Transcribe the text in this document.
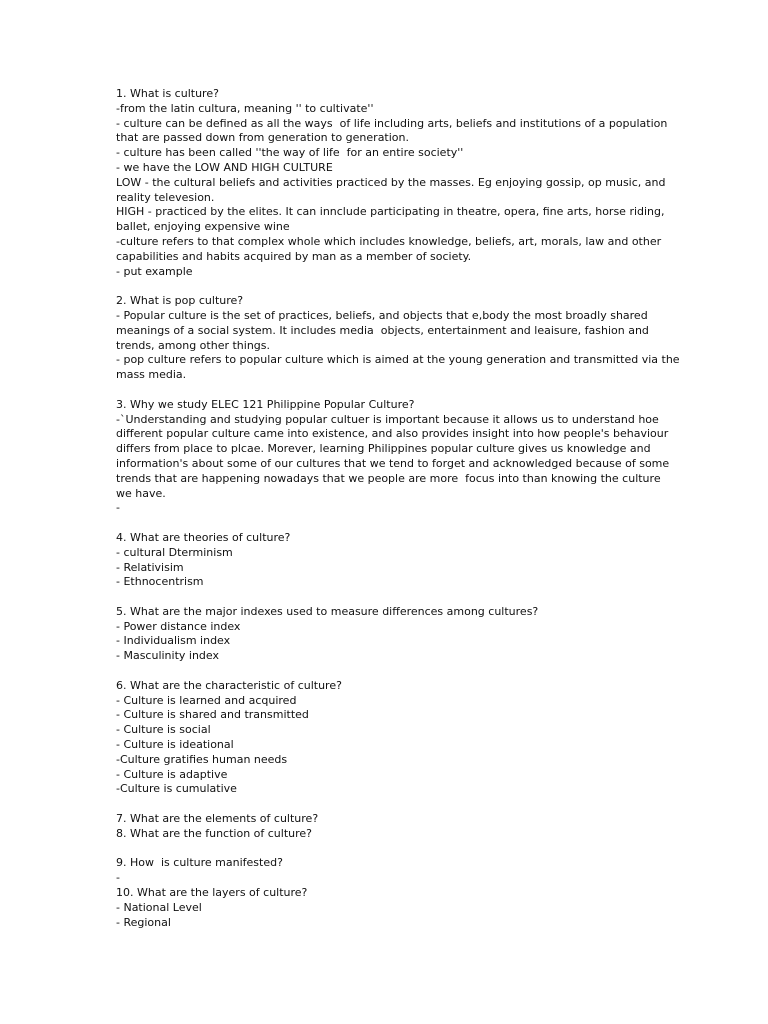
1. What is culture?
-from the latin cultura, meaning '' to cultivate''
- culture can be defined as all the ways  of life including arts, beliefs and institutions of a population
that are passed down from generation to generation.
- culture has been called ''the way of life  for an entire society''
- we have the LOW AND HIGH CULTURE
LOW - the cultural beliefs and activities practiced by the masses. Eg enjoying gossip, op music, and
reality televesion.
HIGH - practiced by the elites. It can innclude participating in theatre, opera, fine arts, horse riding,
ballet, enjoying expensive wine
-culture refers to that complex whole which includes knowledge, beliefs, art, morals, law and other
capabilities and habits acquired by man as a member of society.
- put example
2. What is pop culture?
- Popular culture is the set of practices, beliefs, and objects that e,body the most broadly shared
meanings of a social system. It includes media  objects, entertainment and leaisure, fashion and
trends, among other things.
- pop culture refers to popular culture which is aimed at the young generation and transmitted via the
mass media.
3. Why we study ELEC 121 Philippine Popular Culture?
-`Understanding and studying popular cultuer is important because it allows us to understand hoe
different popular culture came into existence, and also provides insight into how people's behaviour
differs from place to plcae. Morever, learning Philippines popular culture gives us knowledge and
information's about some of our cultures that we tend to forget and acknowledged because of some
trends that are happening nowadays that we people are more  focus into than knowing the culture
we have.
-
4. What are theories of culture?
- cultural Dterminism
- Relativisim
- Ethnocentrism
5. What are the major indexes used to measure differences among cultures?
- Power distance index
- Individualism index
- Masculinity index
6. What are the characteristic of culture?
- Culture is learned and acquired
- Culture is shared and transmitted
- Culture is social
- Culture is ideational
-Culture gratifies human needs
- Culture is adaptive
-Culture is cumulative
7. What are the elements of culture?
8. What are the function of culture?
9. How  is culture manifested?
-
10. What are the layers of culture?
- National Level
- Regional
